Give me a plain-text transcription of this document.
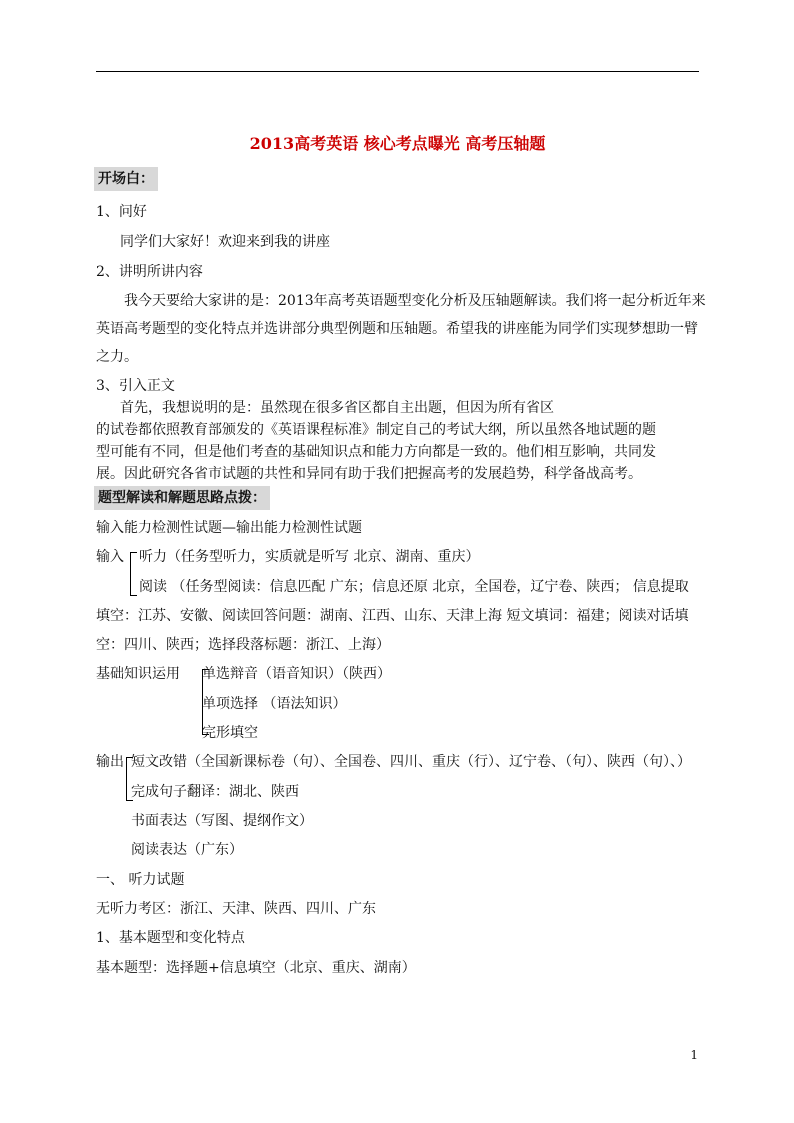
2013高考英语 核心考点曝光 高考压轴题
开场白：
1、问好
同学们大家好！欢迎来到我的讲座
2、讲明所讲内容
我今天要给大家讲的是：2013年高考英语题型变化分析及压轴题解读。我们将一起分析近年来
英语高考题型的变化特点并选讲部分典型例题和压轴题。希望我的讲座能为同学们实现梦想助一臂
之力。
3、引入正文
首先，我想说明的是：虽然现在很多省区都自主出题，但因为所有省区
的试卷都依照教育部颁发的《英语课程标准》制定自己的考试大纲，所以虽然各地试题的题
型可能有不同，但是他们考查的基础知识点和能力方向都是一致的。他们相互影响，共同发
展。因此研究各省市试题的共性和异同有助于我们把握高考的发展趋势，科学备战高考。
题型解读和解题思路点拨：
输入能力检测性试题—输出能力检测性试题
输入 听力（任务型听力，实质就是听写 北京、湖南、重庆）
阅读 （任务型阅读：信息匹配 广东；信息还原 北京，全国卷，辽宁卷、陕西； 信息提取
填空：江苏、安徽、阅读回答问题：湖南、江西、山东、天津上海 短文填词：福建；阅读对话填
空：四川、陕西；选择段落标题：浙江、上海）
基础知识运用 单选辩音（语音知识）（陕西）
单项选择 （语法知识）
完形填空
输出 短文改错（全国新课标卷（句）、全国卷、四川、重庆（行）、辽宁卷、（句）、陕西（句）、）
完成句子翻译：湖北、陕西
书面表达（写图、提纲作文）
阅读表达（广东）
一、 听力试题
无听力考区：浙江、天津、陕西、四川、广东
1、基本题型和变化特点
基本题型：选择题+信息填空（北京、重庆、湖南）
1
